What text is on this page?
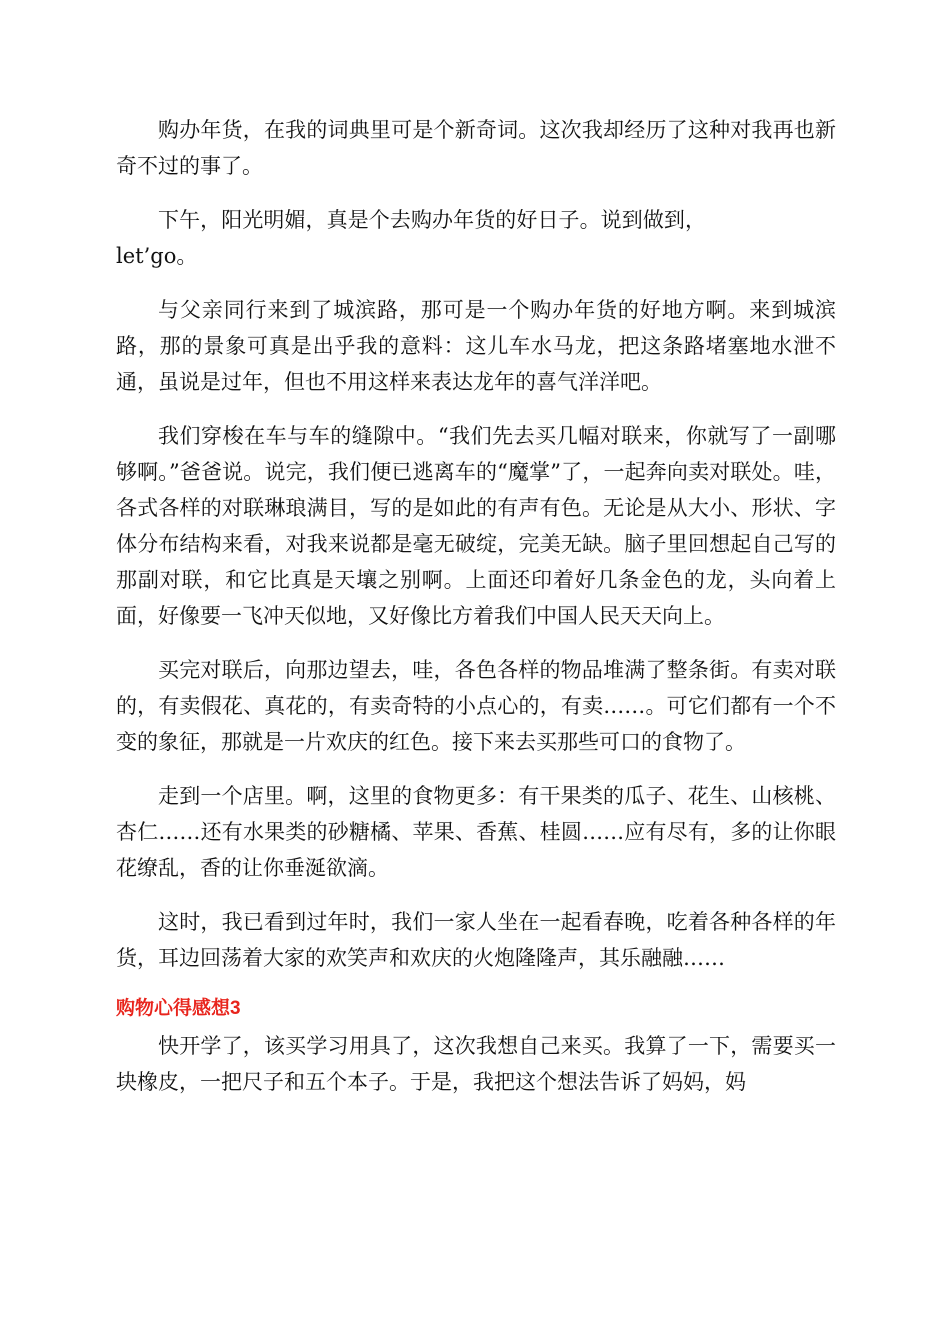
购办年货，在我的词典里可是个新奇词。这次我却经历了这种对我再也新奇不过的事了。

下午，阳光明媚，真是个去购办年货的好日子。说到做到，let’go。

与父亲同行来到了城滨路，那可是一个购办年货的好地方啊。来到城滨路，那的景象可真是出乎我的意料：这儿车水马龙，把这条路堵塞地水泄不通，虽说是过年，但也不用这样来表达龙年的喜气洋洋吧。

我们穿梭在车与车的缝隙中。“我们先去买几幅对联来，你就写了一副哪够啊。”爸爸说。说完，我们便已逃离车的“魔掌”了，一起奔向卖对联处。哇，各式各样的对联琳琅满目，写的是如此的有声有色。无论是从大小、形状、字体分布结构来看，对我来说都是毫无破绽，完美无缺。脑子里回想起自己写的那副对联，和它比真是天壤之别啊。上面还印着好几条金色的龙，头向着上面，好像要一飞冲天似地，又好像比方着我们中国人民天天向上。

买完对联后，向那边望去，哇，各色各样的物品堆满了整条街。有卖对联的，有卖假花、真花的，有卖奇特的小点心的，有卖……。可它们都有一个不变的象征，那就是一片欢庆的红色。接下来去买那些可口的食物了。

走到一个店里。啊，这里的食物更多：有干果类的瓜子、花生、山核桃、杏仁……还有水果类的砂糖橘、苹果、香蕉、桂圆……应有尽有，多的让你眼花缭乱，香的让你垂涎欲滴。

这时，我已看到过年时，我们一家人坐在一起看春晚，吃着各种各样的年货，耳边回荡着大家的欢笑声和欢庆的火炮隆隆声，其乐融融……

购物心得感想3

快开学了，该买学习用具了，这次我想自己来买。我算了一下，需要买一块橡皮，一把尺子和五个本子。于是，我把这个想法告诉了妈妈，妈
